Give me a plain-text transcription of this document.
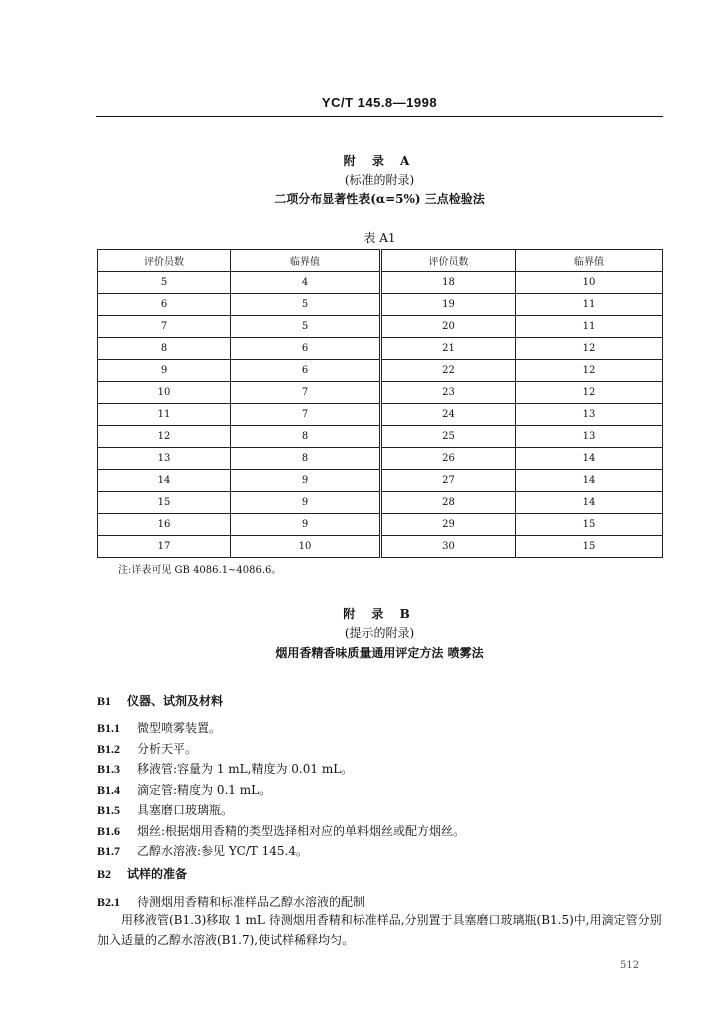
YC/T 145.8—1998
附 录 A
(标准的附录)
二项分布显著性表(α=5%) 三点检验法
表 A1
评价员数	临界值	评价员数	临界值
5	4	18	10
6	5	19	11
7	5	20	11
8	6	21	12
9	6	22	12
10	7	23	12
11	7	24	13
12	8	25	13
13	8	26	14
14	9	27	14
15	9	28	14
16	9	29	15
17	10	30	15
注:详表可见 GB 4086.1~4086.6。
附 录 B
(提示的附录)
烟用香精香味质量通用评定方法 喷雾法
B1 仪器、试剂及材料
B1.1 微型喷雾装置。
B1.2 分析天平。
B1.3 移液管:容量为 1 mL,精度为 0.01 mL。
B1.4 滴定管:精度为 0.1 mL。
B1.5 具塞磨口玻璃瓶。
B1.6 烟丝:根据烟用香精的类型选择相对应的单料烟丝或配方烟丝。
B1.7 乙醇水溶液:参见 YC/T 145.4。
B2 试样的准备
B2.1 待测烟用香精和标准样品乙醇水溶液的配制
用移液管(B1.3)移取 1 mL 待测烟用香精和标准样品,分别置于具塞磨口玻璃瓶(B1.5)中,用滴定管分别加入适量的乙醇水溶液(B1.7),使试样稀释均匀。
512
